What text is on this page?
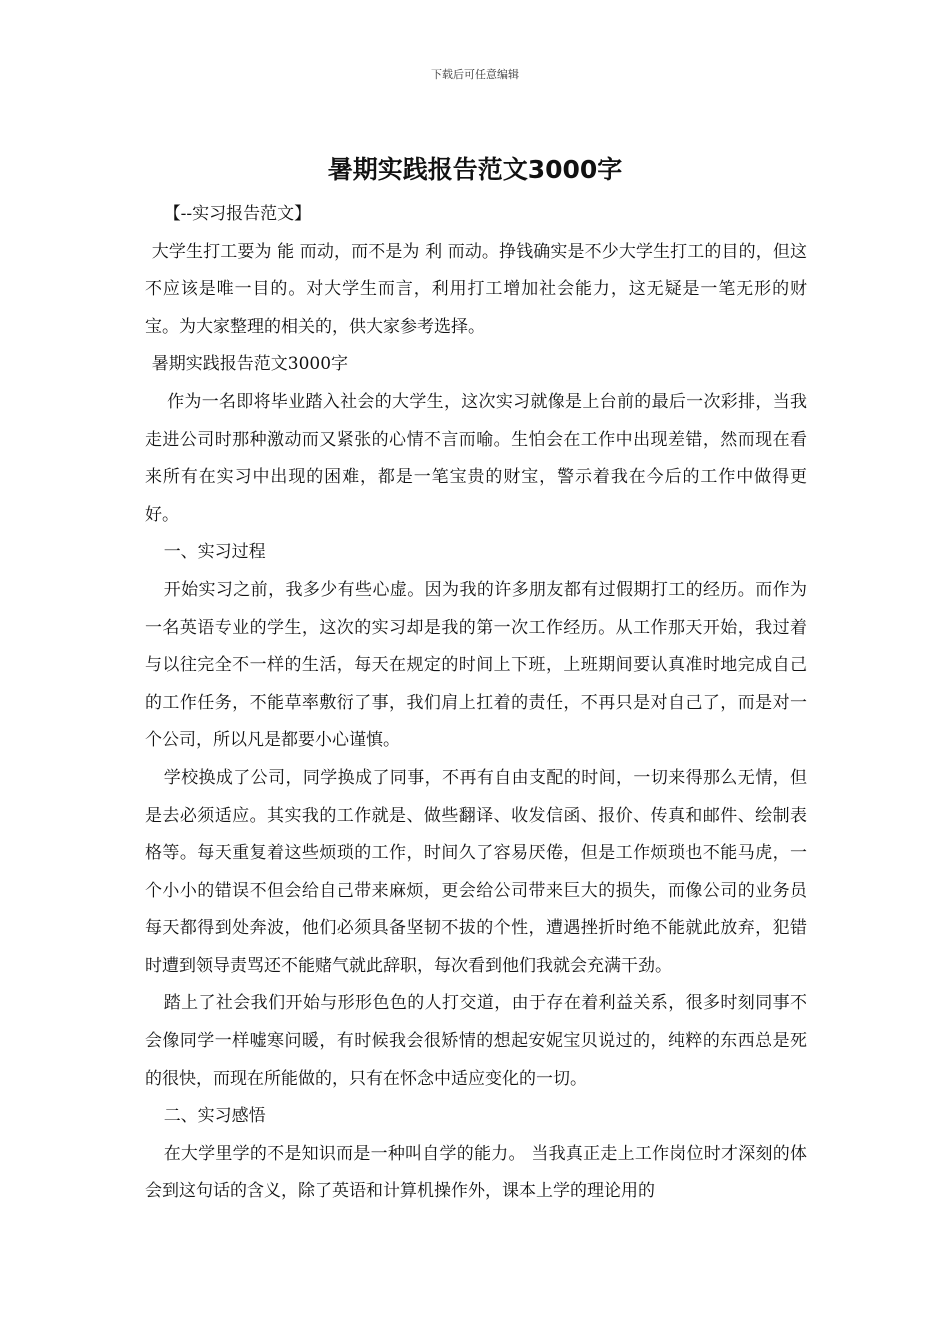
下载后可任意编辑
暑期实践报告范文3000字

【--实习报告范文】

大学生打工要为 能 而动，而不是为 利 而动。挣钱确实是不少大学生打工的目的，但这不应该是唯一目的。对大学生而言，利用打工增加社会能力，这无疑是一笔无形的财宝。为大家整理的相关的，供大家参考选择。

暑期实践报告范文3000字

作为一名即将毕业踏入社会的大学生，这次实习就像是上台前的最后一次彩排，当我走进公司时那种激动而又紧张的心情不言而喻。生怕会在工作中出现差错，然而现在看来所有在实习中出现的困难，都是一笔宝贵的财宝，警示着我在今后的工作中做得更好。

一、实习过程

开始实习之前，我多少有些心虚。因为我的许多朋友都有过假期打工的经历。而作为一名英语专业的学生，这次的实习却是我的第一次工作经历。从工作那天开始，我过着与以往完全不一样的生活，每天在规定的时间上下班，上班期间要认真准时地完成自己的工作任务，不能草率敷衍了事，我们肩上扛着的责任，不再只是对自己了，而是对一个公司，所以凡是都要小心谨慎。

学校换成了公司，同学换成了同事，不再有自由支配的时间，一切来得那么无情，但是去必须适应。其实我的工作就是、做些翻译、收发信函、报价、传真和邮件、绘制表格等。每天重复着这些烦琐的工作，时间久了容易厌倦，但是工作烦琐也不能马虎，一个小小的错误不但会给自己带来麻烦，更会给公司带来巨大的损失，而像公司的业务员每天都得到处奔波，他们必须具备坚韧不拔的个性，遭遇挫折时绝不能就此放弃，犯错时遭到领导责骂还不能赌气就此辞职，每次看到他们我就会充满干劲。

踏上了社会我们开始与形形色色的人打交道，由于存在着利益关系，很多时刻同事不会像同学一样嘘寒问暖，有时候我会很矫情的想起安妮宝贝说过的，纯粹的东西总是死的很快，而现在所能做的，只有在怀念中适应变化的一切。

二、实习感悟

在大学里学的不是知识而是一种叫自学的能力。 当我真正走上工作岗位时才深刻的体会到这句话的含义，除了英语和计算机操作外，课本上学的理论用的
